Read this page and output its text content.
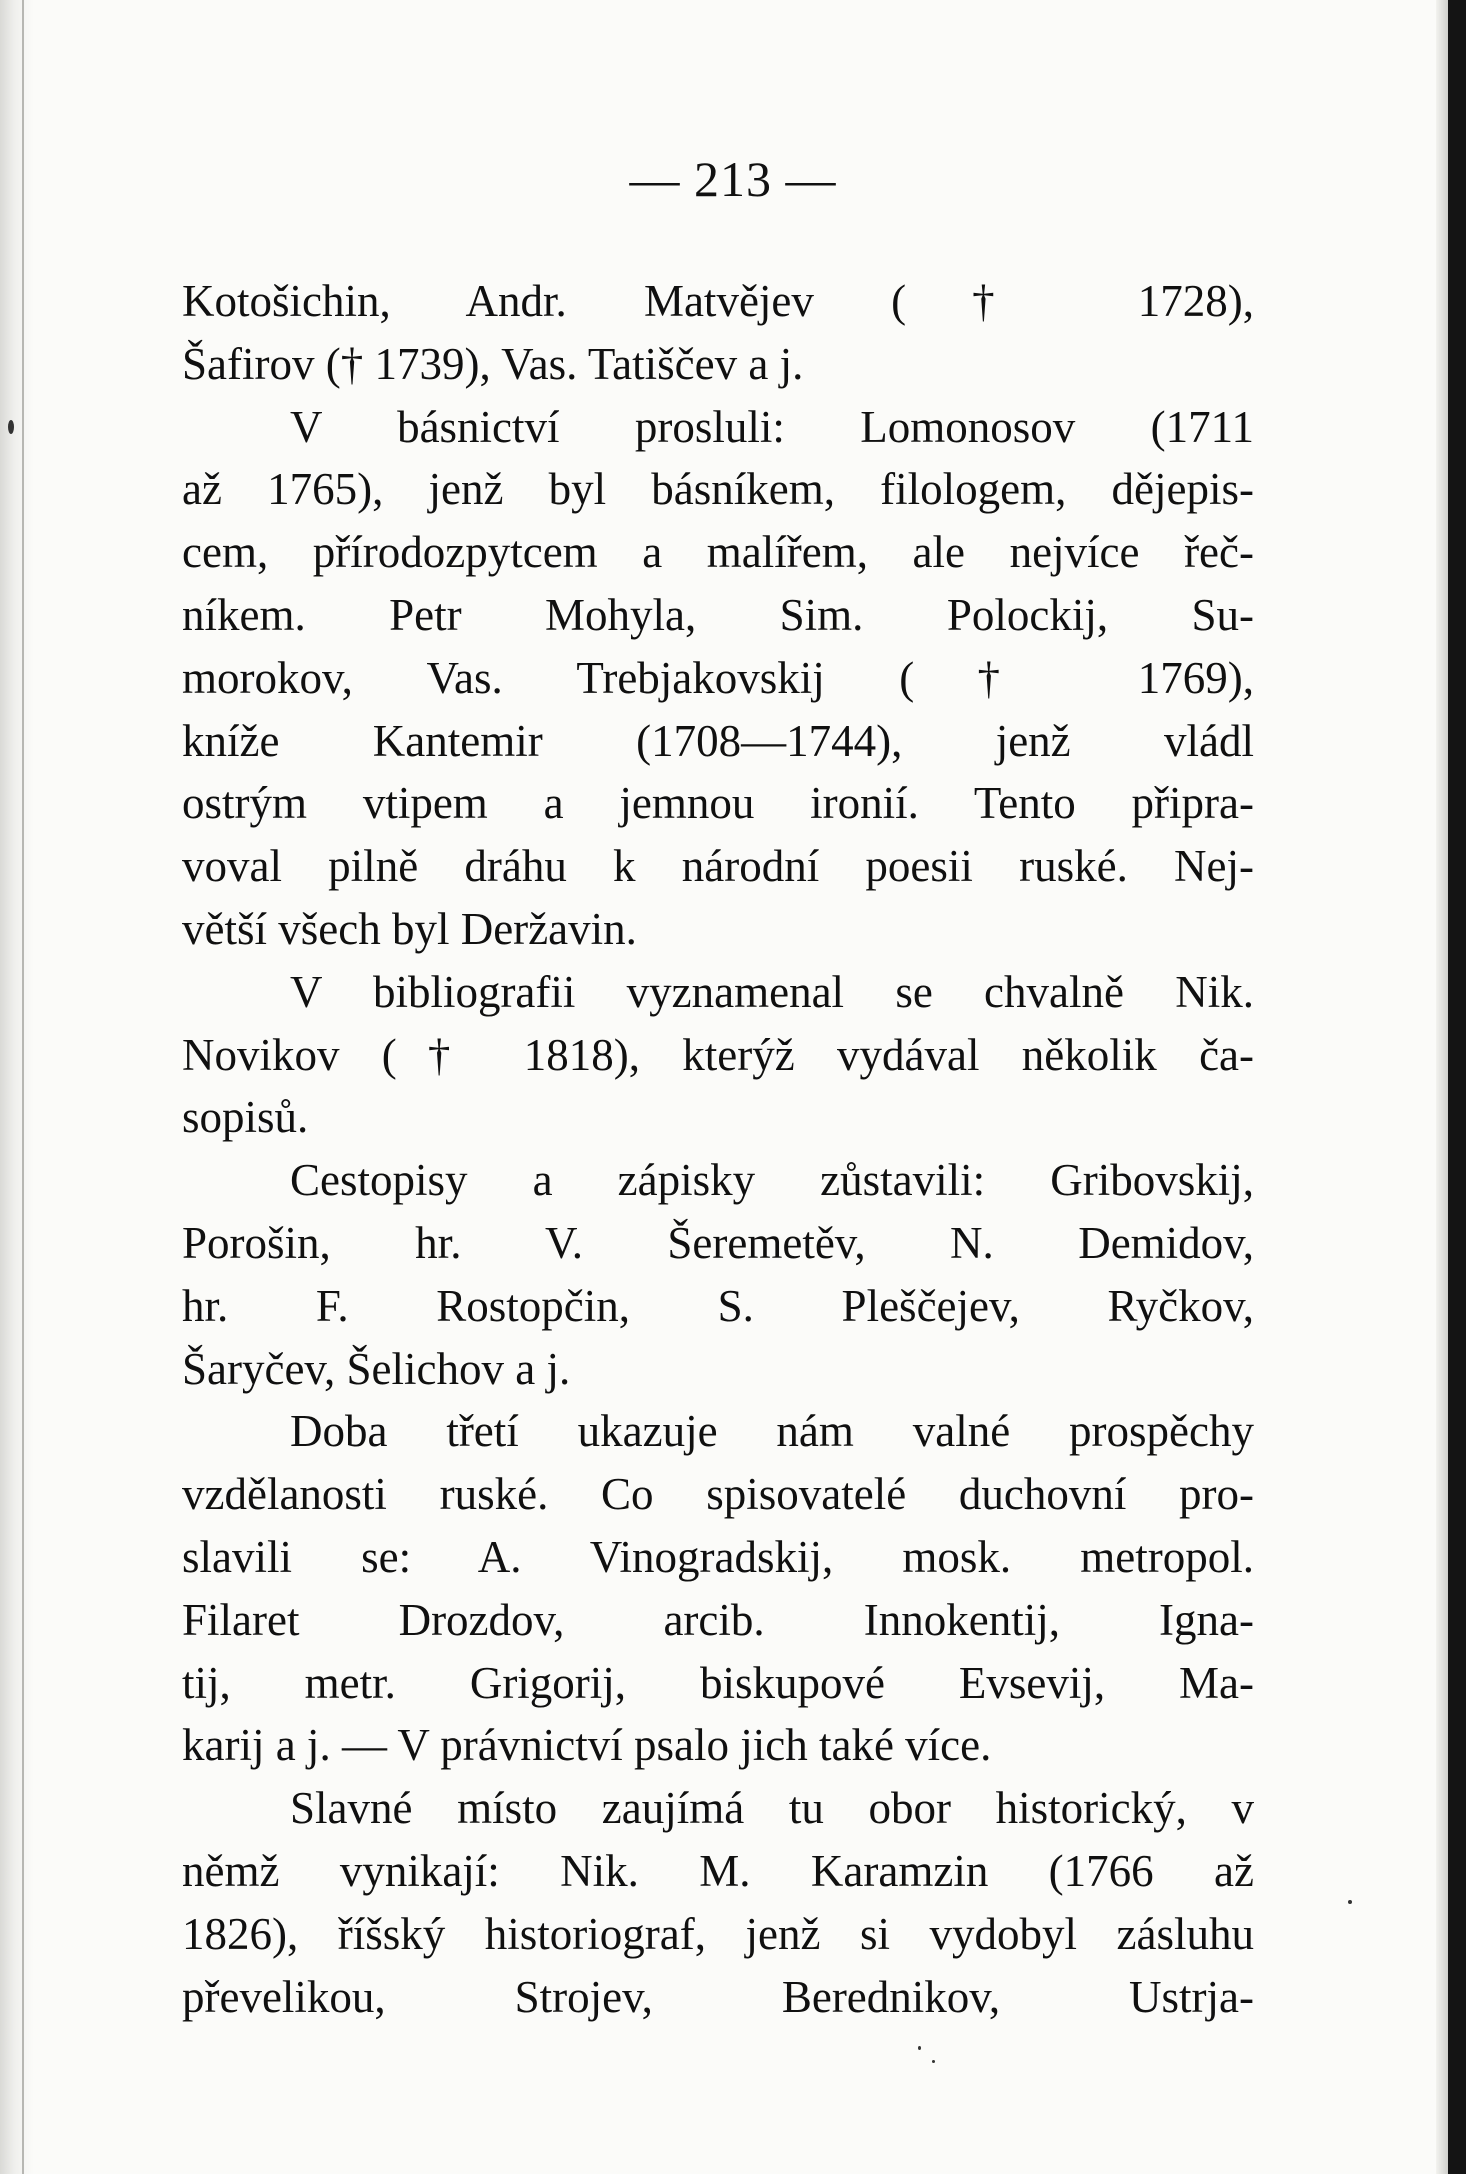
— 213 —
Kotošichin, Andr. Matvějev († 1728),
Šafirov († 1739), Vas. Tatiščev a j.
V básnictví prosluli: Lomonosov (1711
až 1765), jenž byl básníkem, filologem, dějepis-
cem, přírodozpytcem a malířem, ale nejvíce řeč-
níkem. Petr Mohyla, Sim. Polockij, Su-
morokov, Vas. Trebjakovskij († 1769),
kníže Kantemir (1708—1744), jenž vládl
ostrým vtipem a jemnou ironií. Tento připra-
voval pilně dráhu k národní poesii ruské. Nej-
větší všech byl Deržavin.
V bibliografii vyznamenal se chvalně Nik.
Novikov († 1818), kterýž vydával několik ča-
sopisů.
Cestopisy a zápisky zůstavili: Gribovskij,
Porošin, hr. V. Šeremetěv, N. Demidov,
hr. F. Rostopčin, S. Pleščejev, Ryčkov,
Šaryčev, Šelichov a j.
Doba třetí ukazuje nám valné prospěchy
vzdělanosti ruské. Co spisovatelé duchovní pro-
slavili se: A. Vinogradskij, mosk. metropol.
Filaret Drozdov, arcib. Innokentij, Igna-
tij, metr. Grigorij, biskupové Evsevij, Ma-
karij a j. — V právnictví psalo jich také více.
Slavné místo zaujímá tu obor historický, v
němž vynikají: Nik. M. Karamzin (1766 až
1826), říšský historiograf, jenž si vydobyl zásluhu
převelikou, Strojev, Berednikov, Ustrja-
